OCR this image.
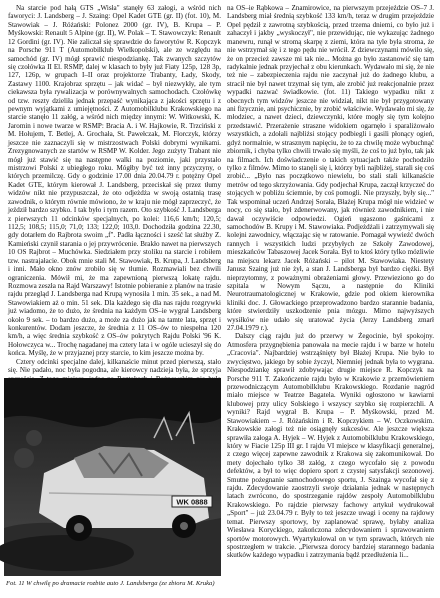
Na starcie pod hałą GTS „Wisła" stanęły 63 załogi, a wśród nich faworyci: J. Landsberg – J. Szaing: Opel Kadet GTE (gr. II) (fot. 10), M. Stawowiak – J. Różański: Polonez 2000 (gr. IV), B. Krupa – P. Myśkowski: Renault 5 Alpine (gr. II), W. Polak – T. Stawowczyk: Renault 12 Gordini (gr. IV). Nie zaliczał się sprawdzie do faworytów R. Kopczyk na Porsche 911 T (Automobilklub Wielkopolski), ale ze względu na samochód (gr. IV) mógł sprawić niespodziankę. Tak zwanych szczytów się czołówka II El. RSMP, dalej w klasach to były już Fiaty 125p, 128 3p, 127, 126p, w grupach I–II oraz projektorze Trabanty, Łady, Skody, Zastawy 1100. Krajobraz sprzętu – jak widać – był niezwykły, ale tym ciekawsza była rywalizacja w porównywalnych samochodach. Czołówkę od tzw. reszty dzieliła jednak przepaść wynikająca z jakości sprzętu i z pewnym wyjątkami z umiejętności. Z Automobilklubu Krakowskiego na starcie stanęło 11 załóg, a wśród nich między innymi: W. Witkowski, K. Jaromin i nowe twarze w RSMP: Bracia A. i W. Hajkowie, R. Trzciński z M. Hołujem, T. Betlej, A. Grochała, St. Pawełczak, M. Florczyk, którzy jeszcze nie zaznaczyli się w mistrzostwach Polski dobrymi wynikami. Zrezygnowanych ze startów w RSMP W. Kolder. Jego zużyty Trabant nie mógł już stawić się na następne walki na poziomie, jaki przystało mistrzowi Polski z ubiegłego roku. Mógłby być też inny przyczyny, o których przemilczę. Gdy o godzinie 17.00 dnia 20.04.79 r. potężny Opel Kadet GTE, którym kierował J. Landsberg, przeciskał się przez tłumy widzów nikt nie przypuszczał, że oto odjeżdża w swoją ostatnią trasę zawodnik, o którym równie mówiono, że w kraju nie mógł zaprzeczyć, że jeździł bardzo szybko. I tak było i tym razem. Oto szybkość J. Landsberga z pierwszych 11 odcinków specjalnych, po kolei: 116,6 km/h; 120,5; 112,5; 108,5; 115,0; 71,0; 133; 122,0; 103,0. Dochodziła godzina 22.30, gdy dotarłem do Rajbrota swoim „f". Padła łączności i sześć lat służby Z. Kamieński czynił starania o jej przywrócenie. Brakło nawet na pierwszych 10 OS Rajbrot – Muchówka. Siedziałem przy stoliku na starcie i robiłem tzw. nastrajałacie. Obok mnie stali M. Stawowiak, B. Krupa, J. Landsberg i inni. Mało okno znów zrobiło się w tłumie. Rozmawiali bez chwili ograniczenia. Mówił mi, że ma zapewnioną pierwszą lokatę rajdu. Rozmowa zeszła na Rajd Warszawy! Istotnie pobieranie z planów na trasie rajdu przegląd J. Landsberga nad Krupą wynosiła 1 min. 35 sek., a nad M. Stawowiakiem aż o min. 51 sek. Dla każdego się dla nas rajdu rozgrywki już wiadomo, że to dużo, że średnia na każdym OS–ie wygrał Landsberg około 9 sek. – to bardzo dużo, a może za dużo jak na tamte lata, sprzęt i konkurentów. Dodam jeszcze, że średnia z 11 OS–ów to niespełna 120 km/h, a więc średnia szybkość z OS–ów pokrytych Rajdu Polski '96 K. Hołowczyca w... Trochę nagadanej ma cztery lata i w ogóle ucieszył się do końca. Myślę, że w przyjaznej przy starcie, to kim jeszcze można by.

Cztery odcinki specjalne dalej, kilkanaście minut przed pierwszą, stało się. Nie padało, noc była pogodna, ale kierowcy nadzieja była, że sprzyja

WK 0888
Fot. 11 W chwilę po dramacie rozbite auto J. Landsberga (ze zbioru M. Kruka)

na OS–ie Rąbkowa – Znamirowice, na pierwszym przejeździe OS–7 J. Landsberg miał średnią szybkość 133 km/h, teraz w drugim przejeździe Opel pędził z zawrotną szybkością, przed trzema dniemi, co było już i zahaczył i jakby „wyskoczył", nie przewidując, nie wykazując żadnego manewru, runął w stromą skarpę z ziemi, która na tyle była stroma, że nie wstrzymał się i z tego pędu nie wrócił. Z dziewczynami mówiło się, że on przecież zawsze mi tak nie... Można go było zastanowić się tam radykalnie jednak przyjechał z obu kierunkach. Wydawało mi się, że nie też nie – zabezpieczenia rajdu nie zaczynał już do żadnego klubu, a stracił nie był nawet trzymał się tym, ale zrobić już reakcjonalnie przez wypadki nazwać świadkowie. (fot. 11) Takiego wypadku nikt z obecnych tym widzów jeszcze nie widział, nikt nie był przygotowany ani fizycznie, ani psychicznie, by zrobić właściwie. Wydawało mi się, że młodziec, a nawet dzieci, dziewczynki, które mogły się tym kolejno przedstawić. Przerażenie straszne widokiem ogarnęło i sparaliżowało wszystkich, a zdołali najbliżsi stojący podbiegli i gasili płonący ogień, gdyż normalnie, w strasznym napięciu, że to za chwilę może wybuchnąć zbiornik, i chyba tylko chwili trwało się myśli, że coś to już było, tak jak na filmach. Ich doświadczenie o takich sytuacjach także pochodziło tylko z filmów. Mimo to stanęli się i, którzy byli najbliżej, starali się coś zrobić... „Było nas początkowo niewielu, bo stali stali kilkanaście metrów od tego skrzyżowania. Gdy podjechał Krupa, zaczął krzyczeć do stojących w pobliżu ściemnie, by coś pomogli. Nie przyszły, były się..." Tak wspominał uczeń Andrzej Sorała, Błażej Krupa mógł nie widzieć w nocy, co się stało, był zdenerwowany, jak również zawodnikiem, i nie dawał oczywiście odpowiedzi. Ogień ugaszono gaśnicami z samochodów B. Krupy i M. Stawowiaka. Podjeżdżali i zatrzymywali się kolejni zawodnicy, włączając się w ratowanie. Pomagał wywieźć dwóch rannych i wszystkich ludzi przybyłych ze Szkoły Zawodowej, mieszkańców Tabaszowej Jacek Sorała. Był to ktoś który tylko mózliwie na miejscu lekarz Jacek Różański – pilot M. Stawowiaka. Niestety Janusz Szaing już nie żył, a stan J. Landsberga był bardzo ciężki. Był nieprzytomny, z poważnymi obrażeniami głowy. Przewieziono go do szpitala w Nowym Sączu, a następnie do Kliniki Neurotraumatologicznej w Krakowie, gdzie pod okiem kierownika kliniki doc. J. Głowackiego przeprowadzono bardzo starannie badania, które stwierdziły uszkodzenie pnia mózgu. Mimo najwyższych wysiłków nie udało się uratować życia (Jerzy Landsberg zmarł 27.04.1979 r.).

Dalszy ciąg rajdu już do przerwy w Żegocinie, był spokojny. Atmosfera przygnębienia panowała na mecie rajdu i w barze w hotelu „Cracovia". Najbardziej wstrząśnięty był Błażej Krupa. Nie było to zwycięstwo, jakiego by sobie życzył, Niemniej jednak była to wygrana. Niespodziankę sprawił zdobywając drugie miejsce R. Kopczyk na Porsche 911 T. Zakończenie rajdu było w Krakowie z przemówieniem przewodniczącym Automobilklubu Krakowskiego. Rozdanie nagród miało miejsce w Teatrze Bagatela. Wyniki ogłoszono w kawiarni klubowej przy ulicy Solskiego i wszyscy szybko się rozpierzchli. A wyniki? Rajd wygrał B. Krupa – P. Myśkowski, przed M. Stawowiakiem – J. Różańskim i R. Kopczykiem – W. Oczkowskim. Krakowskie załogi też nie osiągnęły sukcesów. Ale jeszcze większa sprawiła załoga A. Hyjek – W. Hyjek z Automobilklubu Krakowskiego, który w Fiacie 125p III gr. I rajdu VI miejsce w klasyfikacji generalnej, z czego więcej zapewne zawodnik z Krakowa się zakomunikował. Do mety dojechało tylko 38 załóg, z czego wycofało się z powodu defektów, a był to więc dopiero sport z czystej satysfakcji sezonowej. Smutne pożegnanie samochodowego sportu, J. Szainga wycofał się z rajdu. Zdecydowanie zaostrzyli swoje działania jednak w następnych latach zwrócono, do spostrzeganie rajdów zespoły Automobilklubu Krakowskiego. Po rajdzie pierwszy fachowy artykuł wydrukował „Sport" – już 23.04.79 r. Były to też jeszcze uwagi i oceny na rajdowy temat. Pierwszy sportowy, by zaplanować sprawę, byłaby analiza Wiesława Koryckiego, zakończona zdecydowaniem i sprawowaniem sportów motorowych. Wyartykułowal on w tym sprawach, których nie spostrzegłem w trakcie. „Pierwsza dorocy bardziej starannego badania skutków każdego wypadku i zatrzymania bądź przedłużenia li...
